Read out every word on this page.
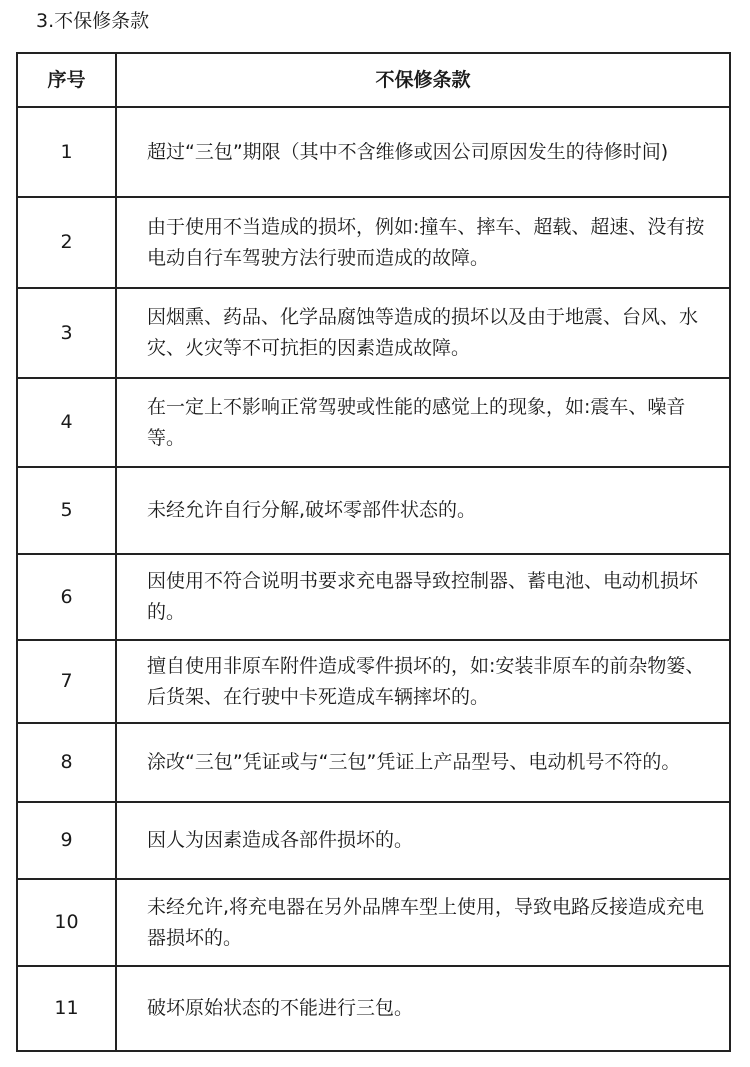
3.不保修条款
序号	不保修条款
1	超过“三包”期限（其中不含维修或因公司原因发生的待修时间)
2	由于使用不当造成的损坏，例如:撞车、摔车、超载、超速、没有按电动自行车驾驶方法行驶而造成的故障。
3	因烟熏、药品、化学品腐蚀等造成的损坏以及由于地震、台风、水灾、火灾等不可抗拒的因素造成故障。
4	在一定上不影响正常驾驶或性能的感觉上的现象，如:震车、噪音等。
5	未经允许自行分解,破坏零部件状态的。
6	因使用不符合说明书要求充电器导致控制器、蓄电池、电动机损坏的。
7	擅自使用非原车附件造成零件损坏的，如:安装非原车的前杂物篓、后货架、在行驶中卡死造成车辆摔坏的。
8	涂改“三包”凭证或与“三包”凭证上产品型号、电动机号不符的。
9	因人为因素造成各部件损坏的。
10	未经允许,将充电器在另外品牌车型上使用，导致电路反接造成充电器损坏的。
11	破坏原始状态的不能进行三包。
